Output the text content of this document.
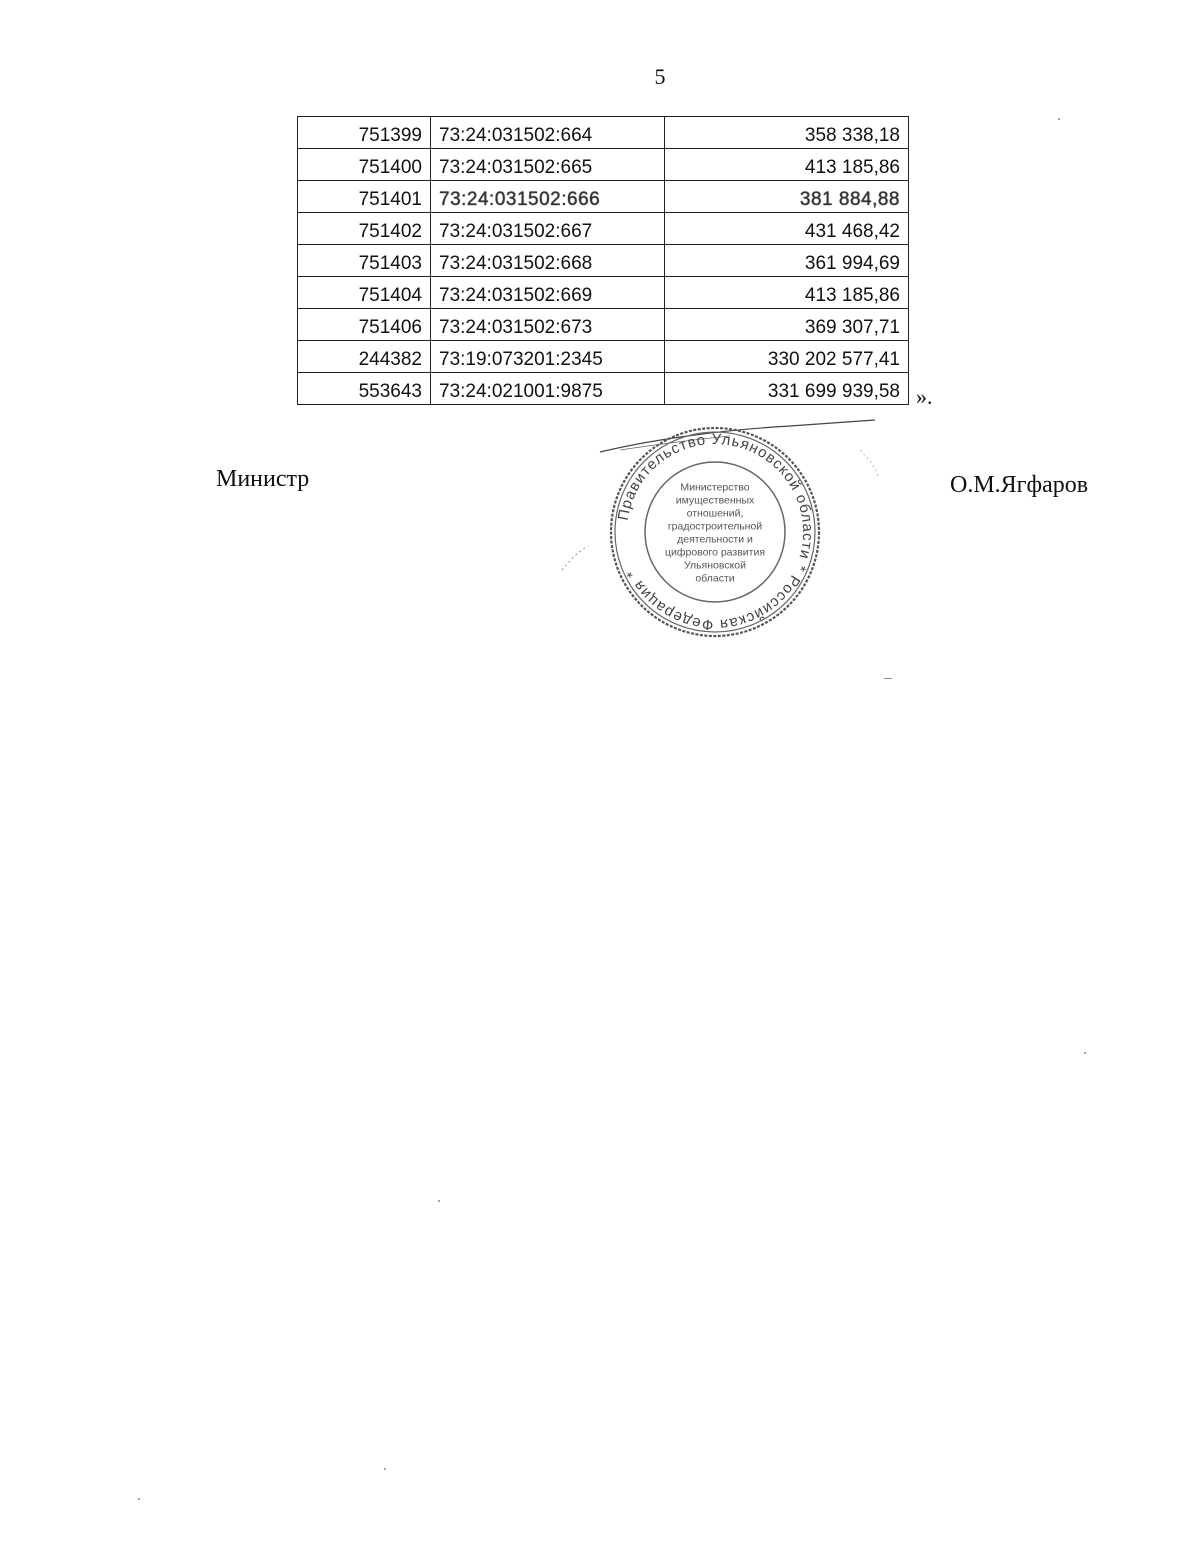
5
751399	73:24:031502:664	358 338,18
751400	73:24:031502:665	413 185,86
751401	73:24:031502:666	381 884,88
751402	73:24:031502:667	431 468,42
751403	73:24:031502:668	361 994,69
751404	73:24:031502:669	413 185,86
751406	73:24:031502:673	369 307,71
244382	73:19:073201:2345	330 202 577,41
553643	73:24:021001:9875	331 699 939,58 ».
Министр
Правительство Ульяновской области * Российская Федерация *
Министерство
имущественных
отношений,
градостроительной
деятельности и
цифрового развития
Ульяновской
области
О.М.Ягфаров
